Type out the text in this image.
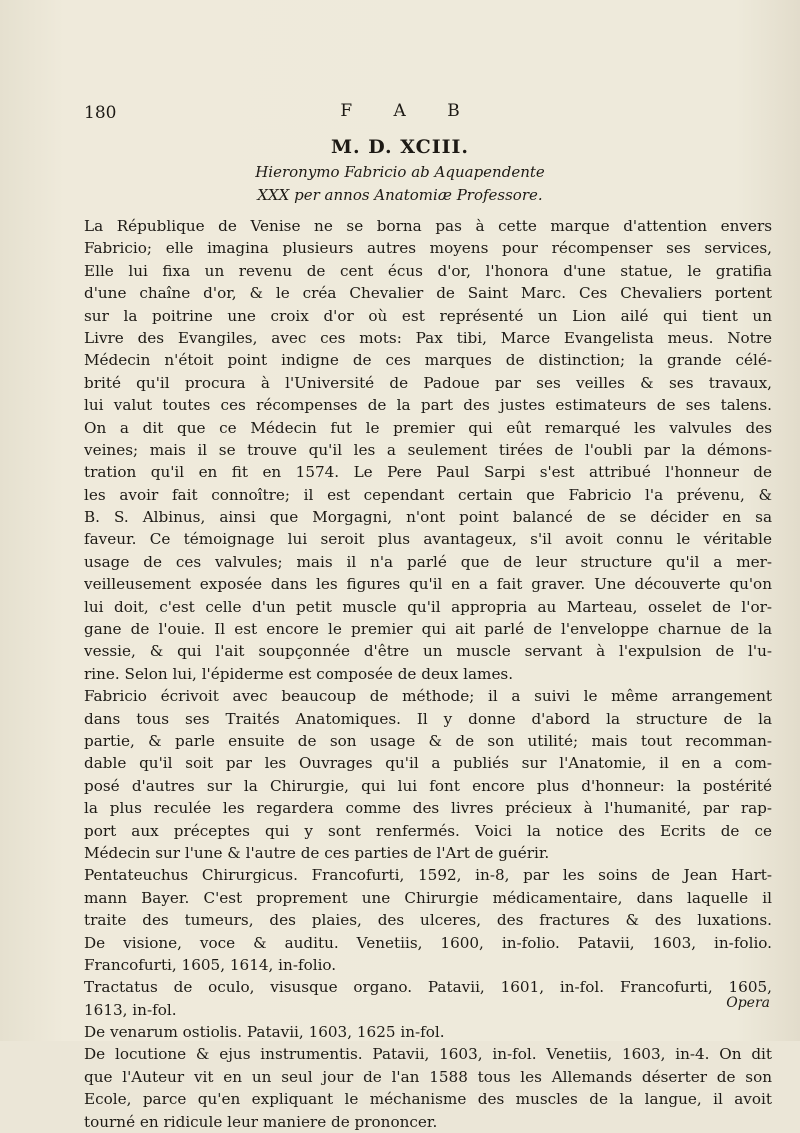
180	F A B
M. D. XCIII.
Hieronymo Fabricio ab Aquapendente
XXX per annos Anatomiæ Professore.
La République de Venise ne se borna pas à cette marque d'attention envers
Fabricio; elle imagina plusieurs autres moyens pour récompenser ses services,
Elle lui fixa un revenu de cent écus d'or, l'honora d'une statue, le gratifia
d'une chaîne d'or, & le créa Chevalier de Saint Marc. Ces Chevaliers portent
sur la poitrine une croix d'or où est représenté un Lion ailé qui tient un
Livre des Evangiles, avec ces mots: Pax tibi, Marce Evangelista meus. Notre
Médecin n'étoit point indigne de ces marques de distinction; la grande célé-
brité qu'il procura à l'Université de Padoue par ses veilles & ses travaux,
lui valut toutes ces récompenses de la part des justes estimateurs de ses talens.
On a dit que ce Médecin fut le premier qui eût remarqué les valvules des
veines; mais il se trouve qu'il les a seulement tirées de l'oubli par la démons-
tration qu'il en fit en 1574. Le Pere Paul Sarpi s'est attribué l'honneur de
les avoir fait connoître; il est cependant certain que Fabricio l'a prévenu, &
B. S. Albinus, ainsi que Morgagni, n'ont point balancé de se décider en sa
faveur. Ce témoignage lui seroit plus avantageux, s'il avoit connu le véritable
usage de ces valvules; mais il n'a parlé que de leur structure qu'il a mer-
veilleusement exposée dans les figures qu'il en a fait graver. Une découverte qu'on
lui doit, c'est celle d'un petit muscle qu'il appropria au Marteau, osselet de l'or-
gane de l'ouie. Il est encore le premier qui ait parlé de l'enveloppe charnue de la
vessie, & qui l'ait soupçonnée d'être un muscle servant à l'expulsion de l'u-
rine. Selon lui, l'épiderme est composée de deux lames.
Fabricio écrivoit avec beaucoup de méthode; il a suivi le même arrangement
dans tous ses Traités Anatomiques. Il y donne d'abord la structure de la
partie, & parle ensuite de son usage & de son utilité; mais tout recomman-
dable qu'il soit par les Ouvrages qu'il a publiés sur l'Anatomie, il en a com-
posé d'autres sur la Chirurgie, qui lui font encore plus d'honneur: la postérité
la plus reculée les regardera comme des livres précieux à l'humanité, par rap-
port aux préceptes qui y sont renfermés. Voici la notice des Ecrits de ce
Médecin sur l'une & l'autre de ces parties de l'Art de guérir.
Pentateuchus Chirurgicus. Francofurti, 1592, in-8, par les soins de Jean Hart-
mann Bayer. C'est proprement une Chirurgie médicamentaire, dans laquelle il
traite des tumeurs, des plaies, des ulceres, des fractures & des luxations.
De visione, voce & auditu. Venetiis, 1600, in-folio. Patavii, 1603, in-folio.
Francofurti, 1605, 1614, in-folio.
Tractatus de oculo, visusque organo. Patavii, 1601, in-fol. Francofurti, 1605,
1613, in-fol.
De venarum ostiolis. Patavii, 1603, 1625 in-fol.
De locutione & ejus instrumentis. Patavii, 1603, in-fol. Venetiis, 1603, in-4. On dit
que l'Auteur vit en un seul jour de l'an 1588 tous les Allemands déserter de son
Ecole, parce qu'en expliquant le méchanisme des muscles de la langue, il avoit
tourné en ridicule leur maniere de prononcer.
Opera
